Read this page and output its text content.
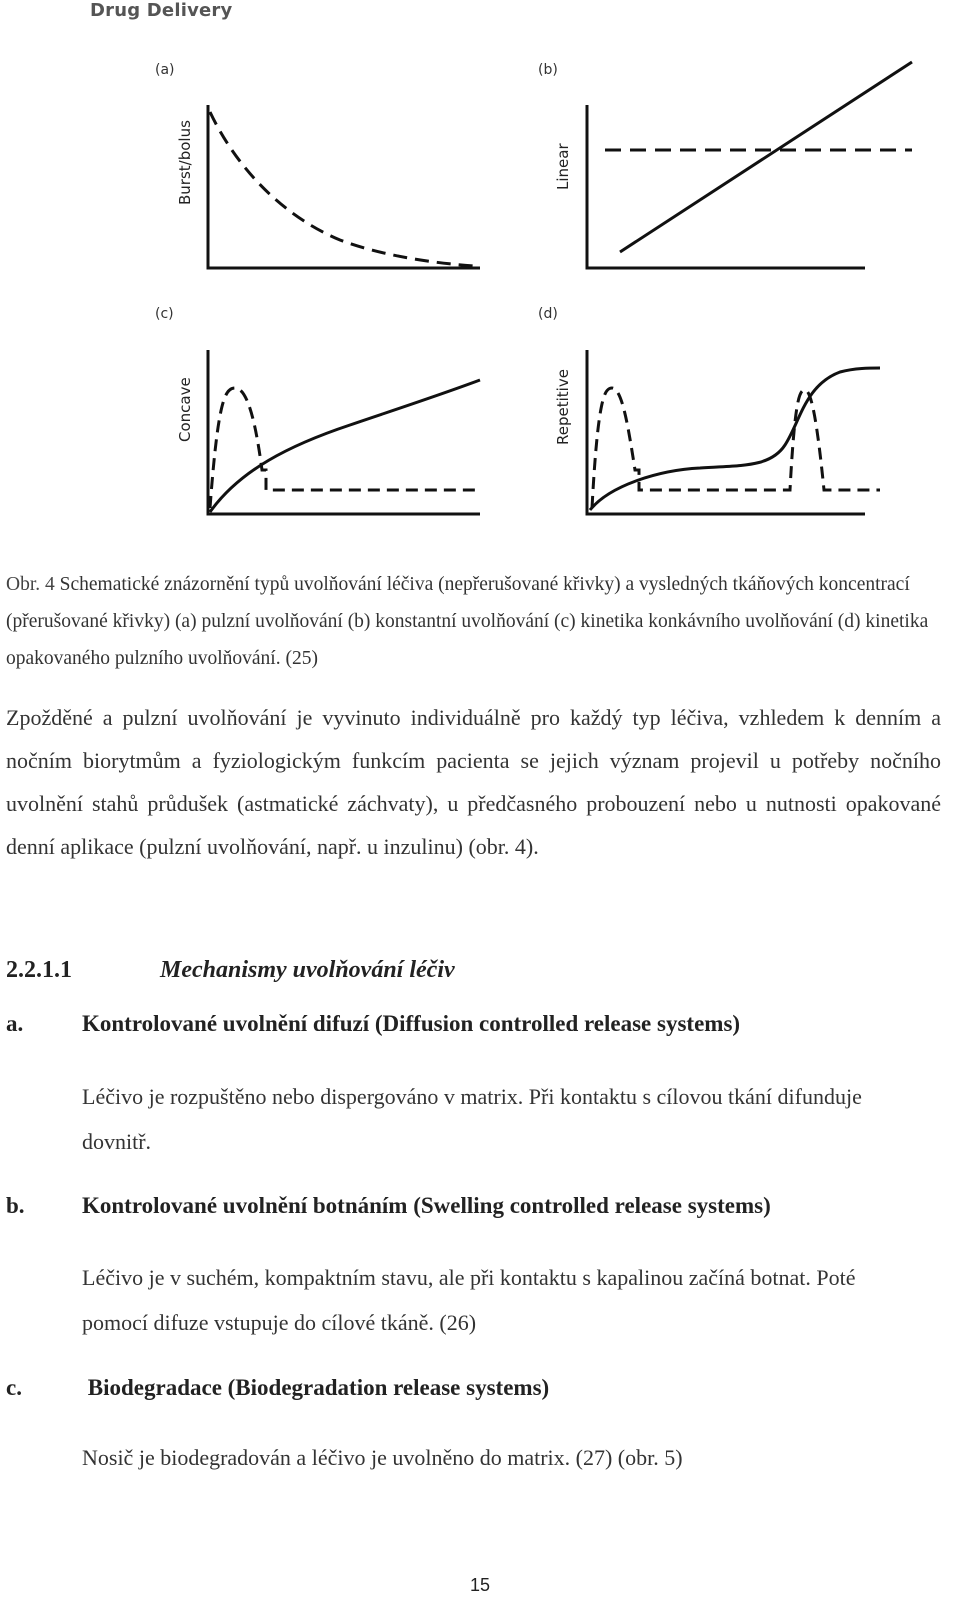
Drug Delivery
(a)
Burst/bolus
(b)
Linear
(c)
Concave
(d)
Repetitive
Obr. 4 Schematické znázornění typů uvolňování léčiva (nepřerušované křivky) a vysledných tkáňových koncentrací (přerušované křivky) (a) pulzní uvolňování (b) konstantní uvolňování (c) kinetika konkávního uvolňování (d) kinetika opakovaného pulzního uvolňování. (25)
Zpožděné a pulzní uvolňování je vyvinuto individuálně pro každý typ léčiva, vzhledem k denním a nočním biorytmům a fyziologickým funkcím pacienta se jejich význam projevil u potřeby nočního uvolnění stahů průdušek (astmatické záchvaty), u předčasného probouzení nebo u nutnosti opakované denní aplikace (pulzní uvolňování, např. u inzulinu) (obr. 4).
2.2.1.1	Mechanismy uvolňování léčiv
a.	Kontrolované uvolnění difuzí (Diffusion controlled release systems)
Léčivo je rozpuštěno nebo dispergováno v matrix. Při kontaktu s cílovou tkání difunduje dovnitř.
b. Kontrolované uvolnění botnáním (Swelling controlled release systems)
Léčivo je v suchém, kompaktním stavu, ale při kontaktu s kapalinou začíná botnat. Poté pomocí difuze vstupuje do cílové tkáně. (26)
c.	Biodegradace (Biodegradation release systems)
Nosič je biodegradován a léčivo je uvolněno do matrix. (27) (obr. 5)
15
